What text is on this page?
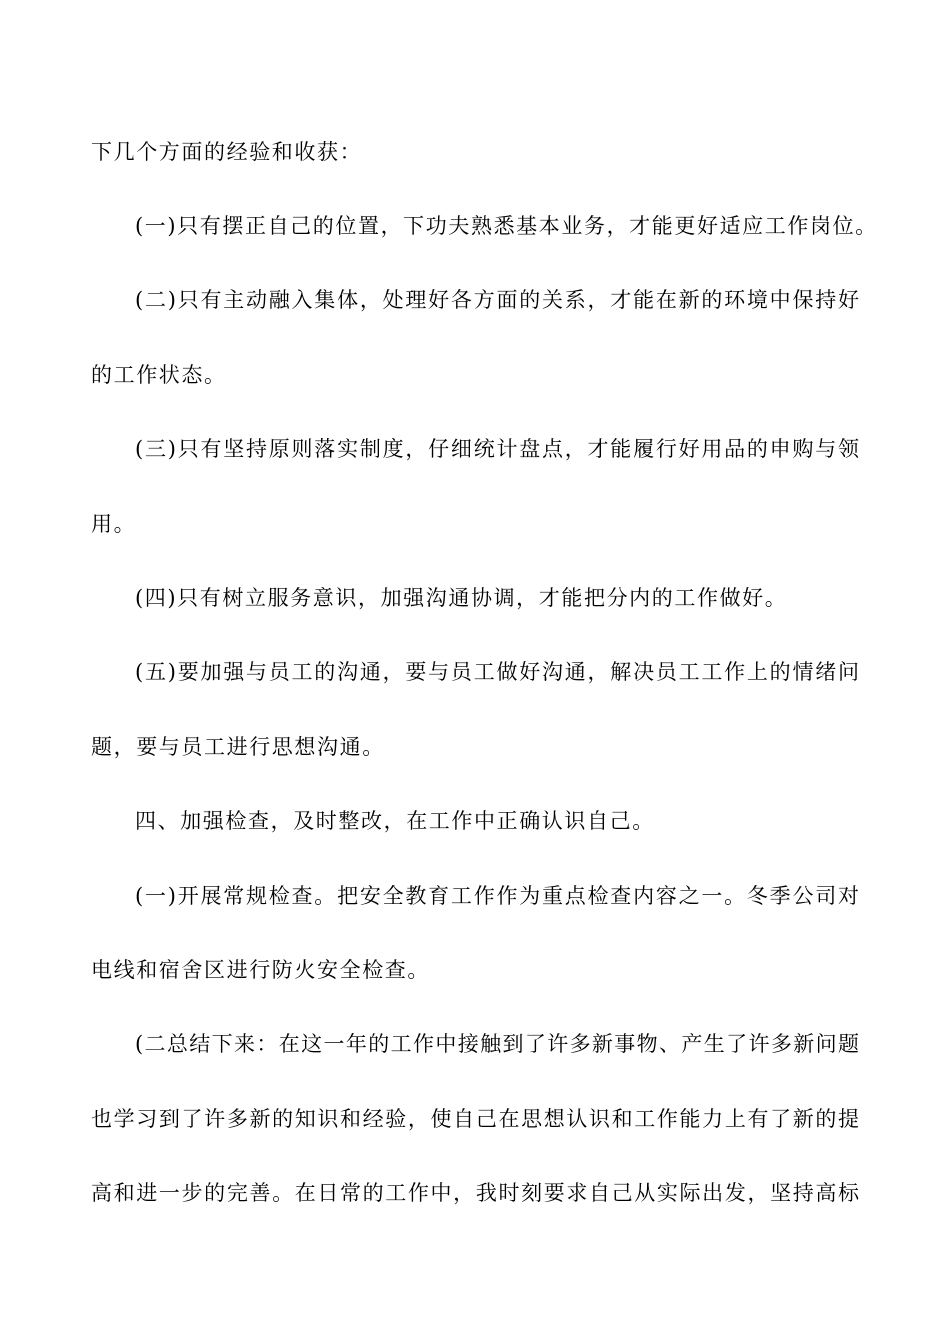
下几个方面的经验和收获：
(一)只有摆正自己的位置，下功夫熟悉基本业务，才能更好适应工作岗位。
(二)只有主动融入集体，处理好各方面的关系，才能在新的环境中保持好
的工作状态。
(三)只有坚持原则落实制度，仔细统计盘点，才能履行好用品的申购与领
用。
(四)只有树立服务意识，加强沟通协调，才能把分内的工作做好。
(五)要加强与员工的沟通，要与员工做好沟通，解决员工工作上的情绪问
题，要与员工进行思想沟通。
四、加强检查，及时整改，在工作中正确认识自己。
(一)开展常规检查。把安全教育工作作为重点检查内容之一。冬季公司对
电线和宿舍区进行防火安全检查。
(二总结下来：在这一年的工作中接触到了许多新事物、产生了许多新问题
也学习到了许多新的知识和经验，使自己在思想认识和工作能力上有了新的提
高和进一步的完善。在日常的工作中，我时刻要求自己从实际出发，坚持高标
